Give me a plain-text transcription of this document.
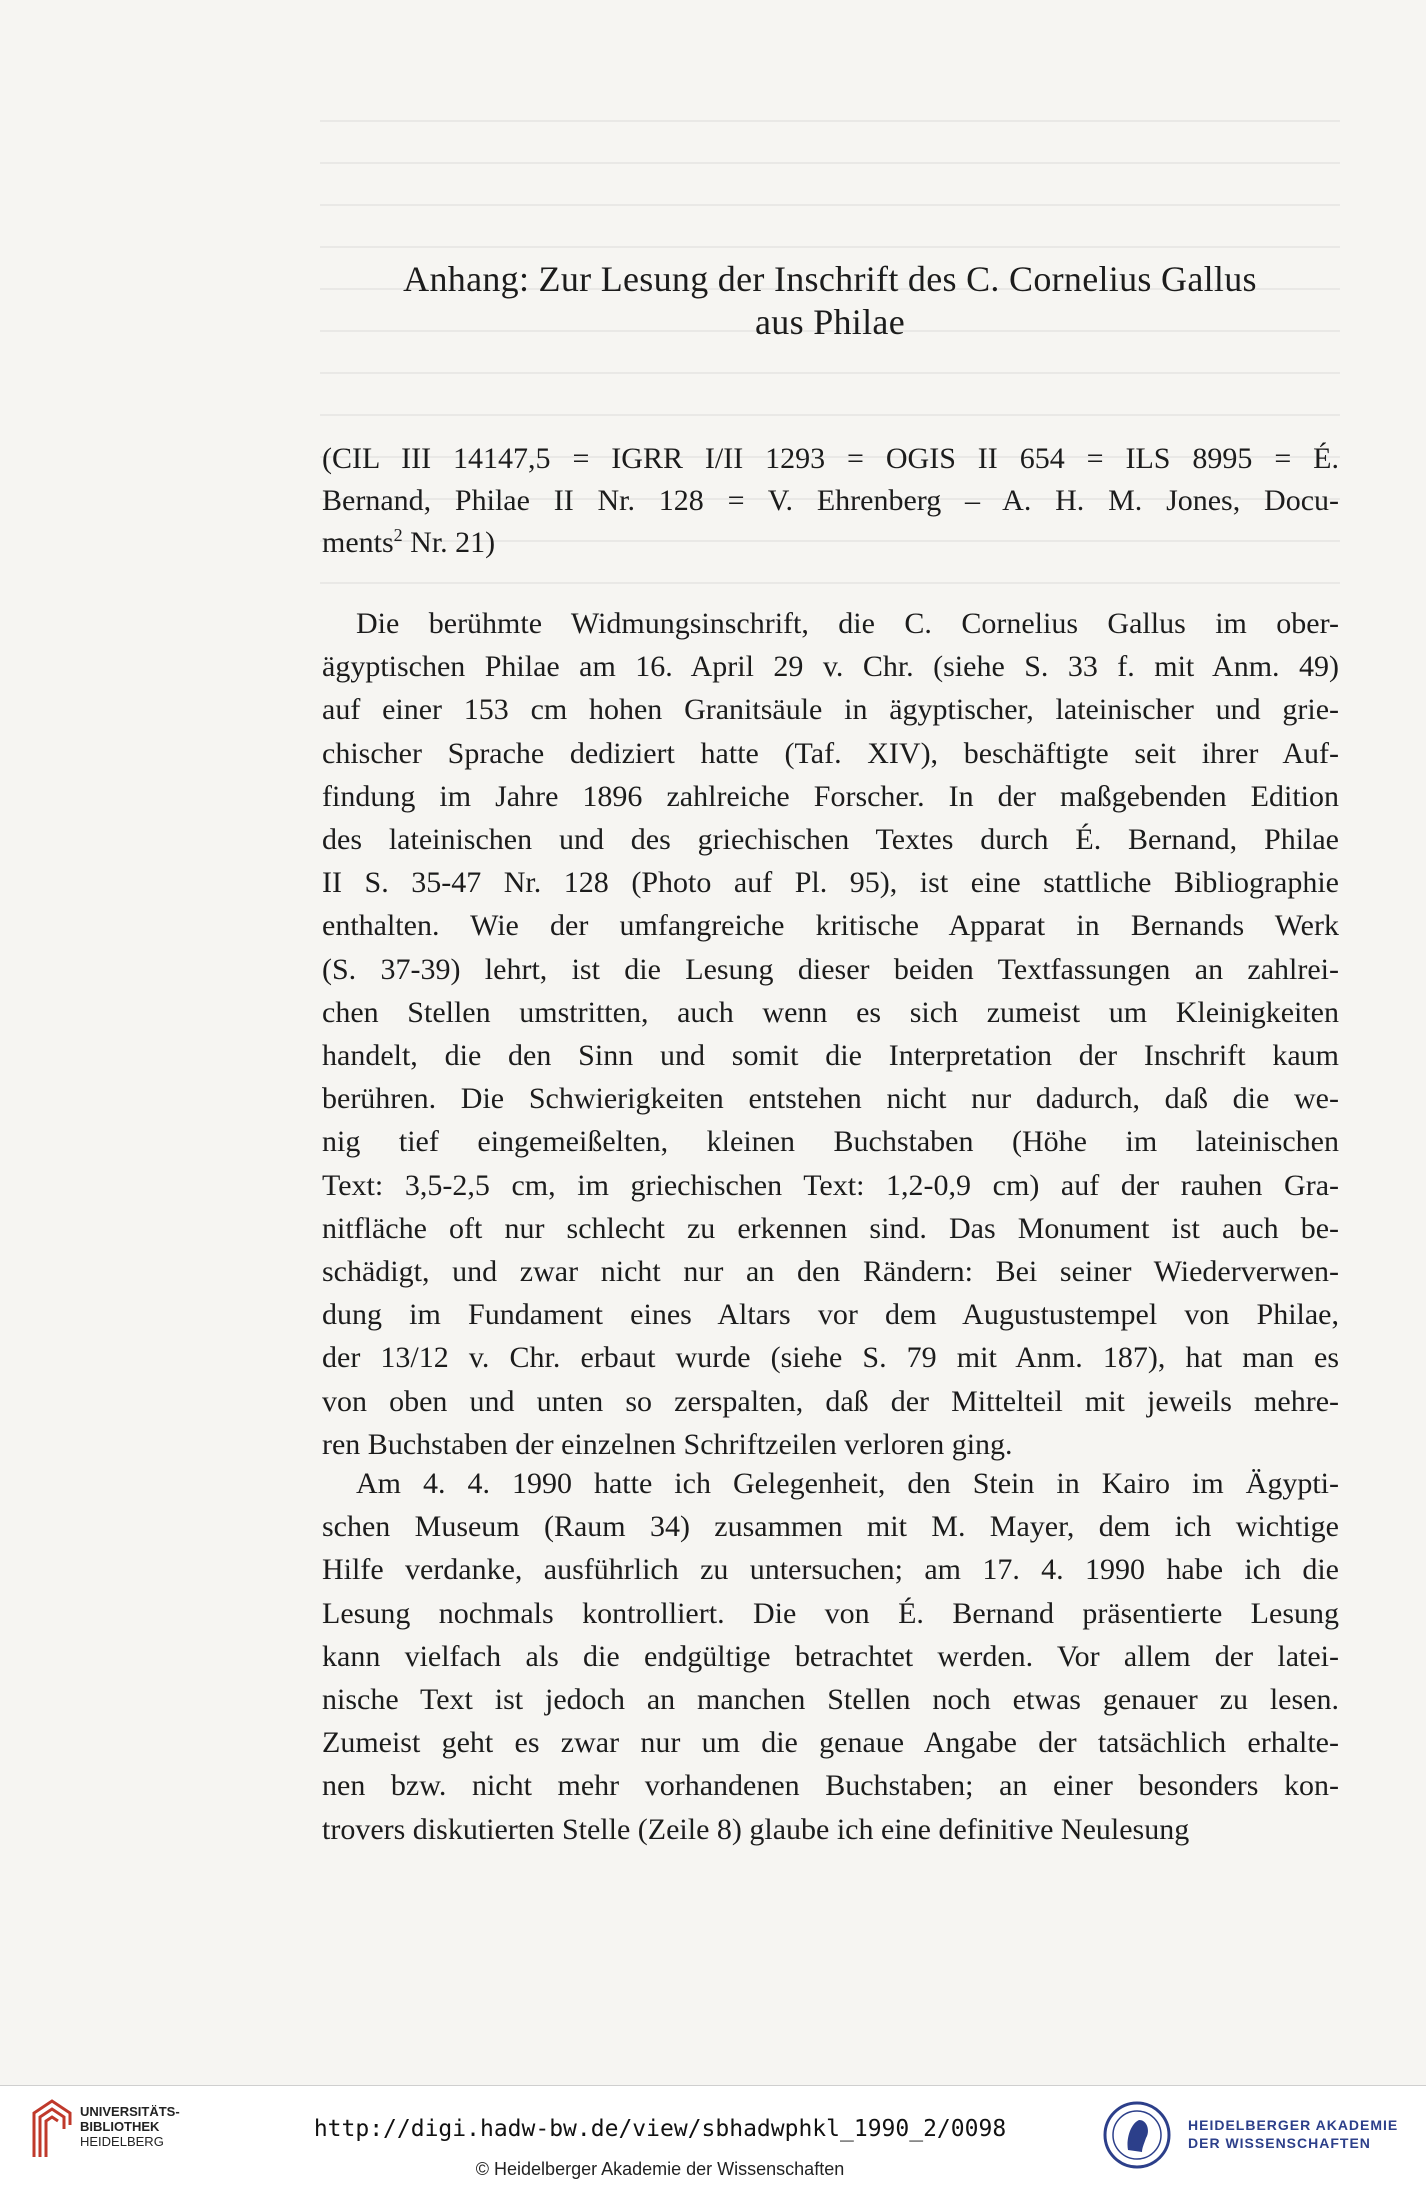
Anhang: Zur Lesung der Inschrift des C. Cornelius Gallus
aus Philae
(CIL III 14147,5 = IGRR I/II 1293 = OGIS II 654 = ILS 8995 = É.
Bernand, Philae II Nr. 128 = V. Ehrenberg – A. H. M. Jones, Docu-
ments$^2$ Nr. 21)
Die berühmte Widmungsinschrift, die C. Cornelius Gallus im ober-
ägyptischen Philae am 16. April 29 v. Chr. (siehe S. 33 f. mit Anm. 49)
auf einer 153 cm hohen Granitsäule in ägyptischer, lateinischer und grie-
chischer Sprache dediziert hatte (Taf. XIV), beschäftigte seit ihrer Auf-
findung im Jahre 1896 zahlreiche Forscher. In der maßgebenden Edition
des lateinischen und des griechischen Textes durch É. Bernand, Philae
II S. 35-47 Nr. 128 (Photo auf Pl. 95), ist eine stattliche Bibliographie
enthalten. Wie der umfangreiche kritische Apparat in Bernands Werk
(S. 37-39) lehrt, ist die Lesung dieser beiden Textfassungen an zahlrei-
chen Stellen umstritten, auch wenn es sich zumeist um Kleinigkeiten
handelt, die den Sinn und somit die Interpretation der Inschrift kaum
berühren. Die Schwierigkeiten entstehen nicht nur dadurch, daß die we-
nig tief eingemeißelten, kleinen Buchstaben (Höhe im lateinischen
Text: 3,5-2,5 cm, im griechischen Text: 1,2-0,9 cm) auf der rauhen Gra-
nitfläche oft nur schlecht zu erkennen sind. Das Monument ist auch be-
schädigt, und zwar nicht nur an den Rändern: Bei seiner Wiederverwen-
dung im Fundament eines Altars vor dem Augustustempel von Philae,
der 13/12 v. Chr. erbaut wurde (siehe S. 79 mit Anm. 187), hat man es
von oben und unten so zerspalten, daß der Mittelteil mit jeweils mehre-
ren Buchstaben der einzelnen Schriftzeilen verloren ging.
Am 4. 4. 1990 hatte ich Gelegenheit, den Stein in Kairo im Ägypti-
schen Museum (Raum 34) zusammen mit M. Mayer, dem ich wichtige
Hilfe verdanke, ausführlich zu untersuchen; am 17. 4. 1990 habe ich die
Lesung nochmals kontrolliert. Die von É. Bernand präsentierte Lesung
kann vielfach als die endgültige betrachtet werden. Vor allem der latei-
nische Text ist jedoch an manchen Stellen noch etwas genauer zu lesen.
Zumeist geht es zwar nur um die genaue Angabe der tatsächlich erhalte-
nen bzw. nicht mehr vorhandenen Buchstaben; an einer besonders kon-
trovers diskutierten Stelle (Zeile 8) glaube ich eine definitive Neulesung
UNIVERSITÄTS-
BIBLIOTHEK
HEIDELBERG	http://digi.hadw-bw.de/view/sbhadwphkl_1990_2/0098
© Heidelberger Akademie der Wissenschaften
HEIDELBERGER AKADEMIE
DER WISSENSCHAFTEN
